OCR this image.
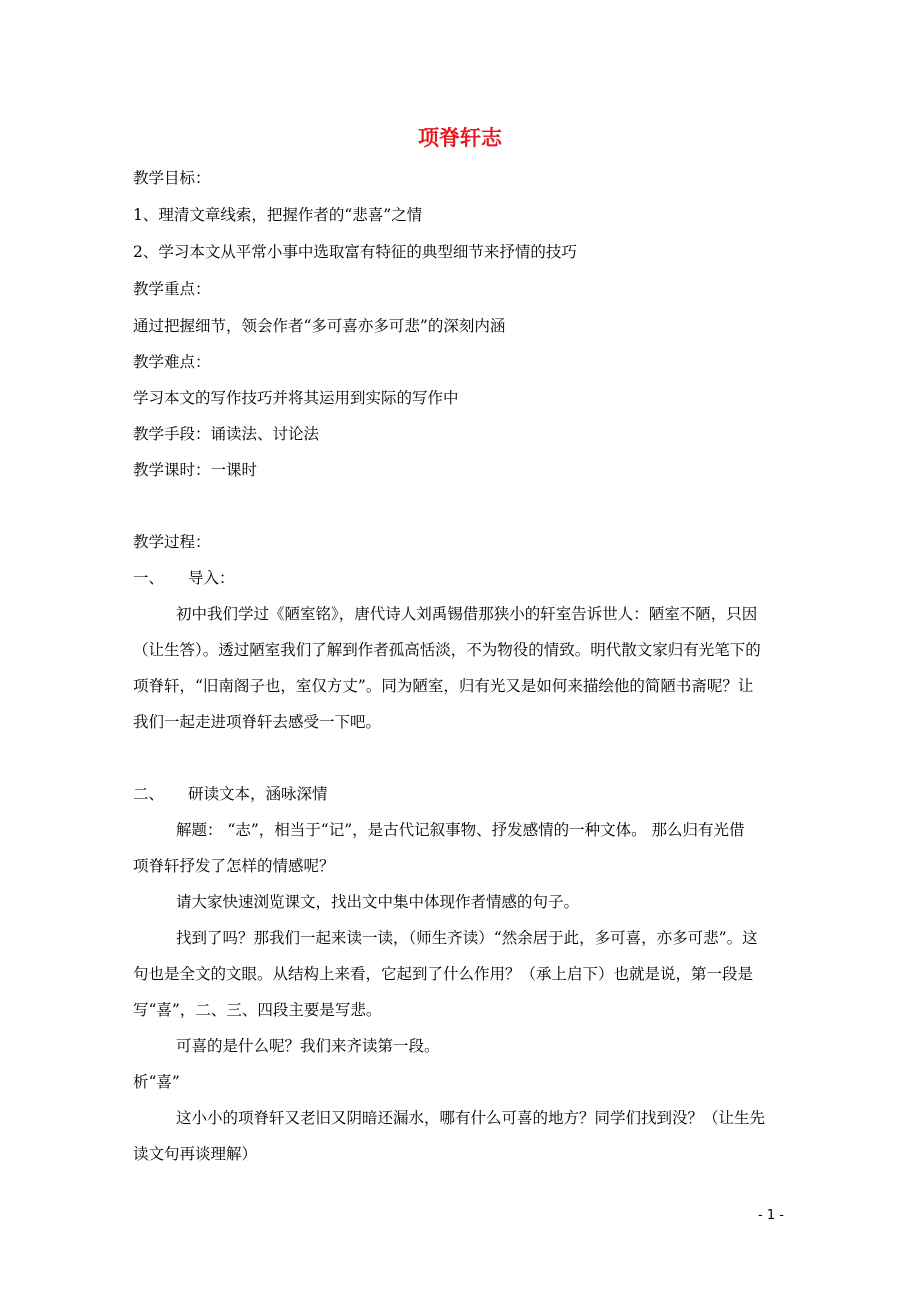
项脊轩志
教学目标：
1、理清文章线索，把握作者的“悲喜”之情
2、学习本文从平常小事中选取富有特征的典型细节来抒情的技巧
教学重点：
通过把握细节，领会作者“多可喜亦多可悲”的深刻内涵
教学难点：
学习本文的写作技巧并将其运用到实际的写作中
教学手段：诵读法、讨论法
教学课时：一课时
教学过程：
一、 导入：
初中我们学过《陋室铭》，唐代诗人刘禹锡借那狭小的轩室告诉世人：陋室不陋，只因
（让生答）。透过陋室我们了解到作者孤高恬淡，不为物役的情致。明代散文家归有光笔下的
项脊轩，“旧南阁子也，室仅方丈”。同为陋室，归有光又是如何来描绘他的简陋书斋呢？让
我们一起走进项脊轩去感受一下吧。
二、 研读文本，涵咏深情
解题： “志”，相当于“记”，是古代记叙事物、抒发感情的一种文体。 那么归有光借
项脊轩抒发了怎样的情感呢？
请大家快速浏览课文，找出文中集中体现作者情感的句子。
找到了吗？那我们一起来读一读，（师生齐读）“然余居于此，多可喜，亦多可悲”。这
句也是全文的文眼。从结构上来看，它起到了什么作用？（承上启下）也就是说，第一段是
写“喜”，二、三、四段主要是写悲。
可喜的是什么呢？我们来齐读第一段。
析“喜”
这小小的项脊轩又老旧又阴暗还漏水，哪有什么可喜的地方？同学们找到没？（让生先
读文句再谈理解）
- 1 -
